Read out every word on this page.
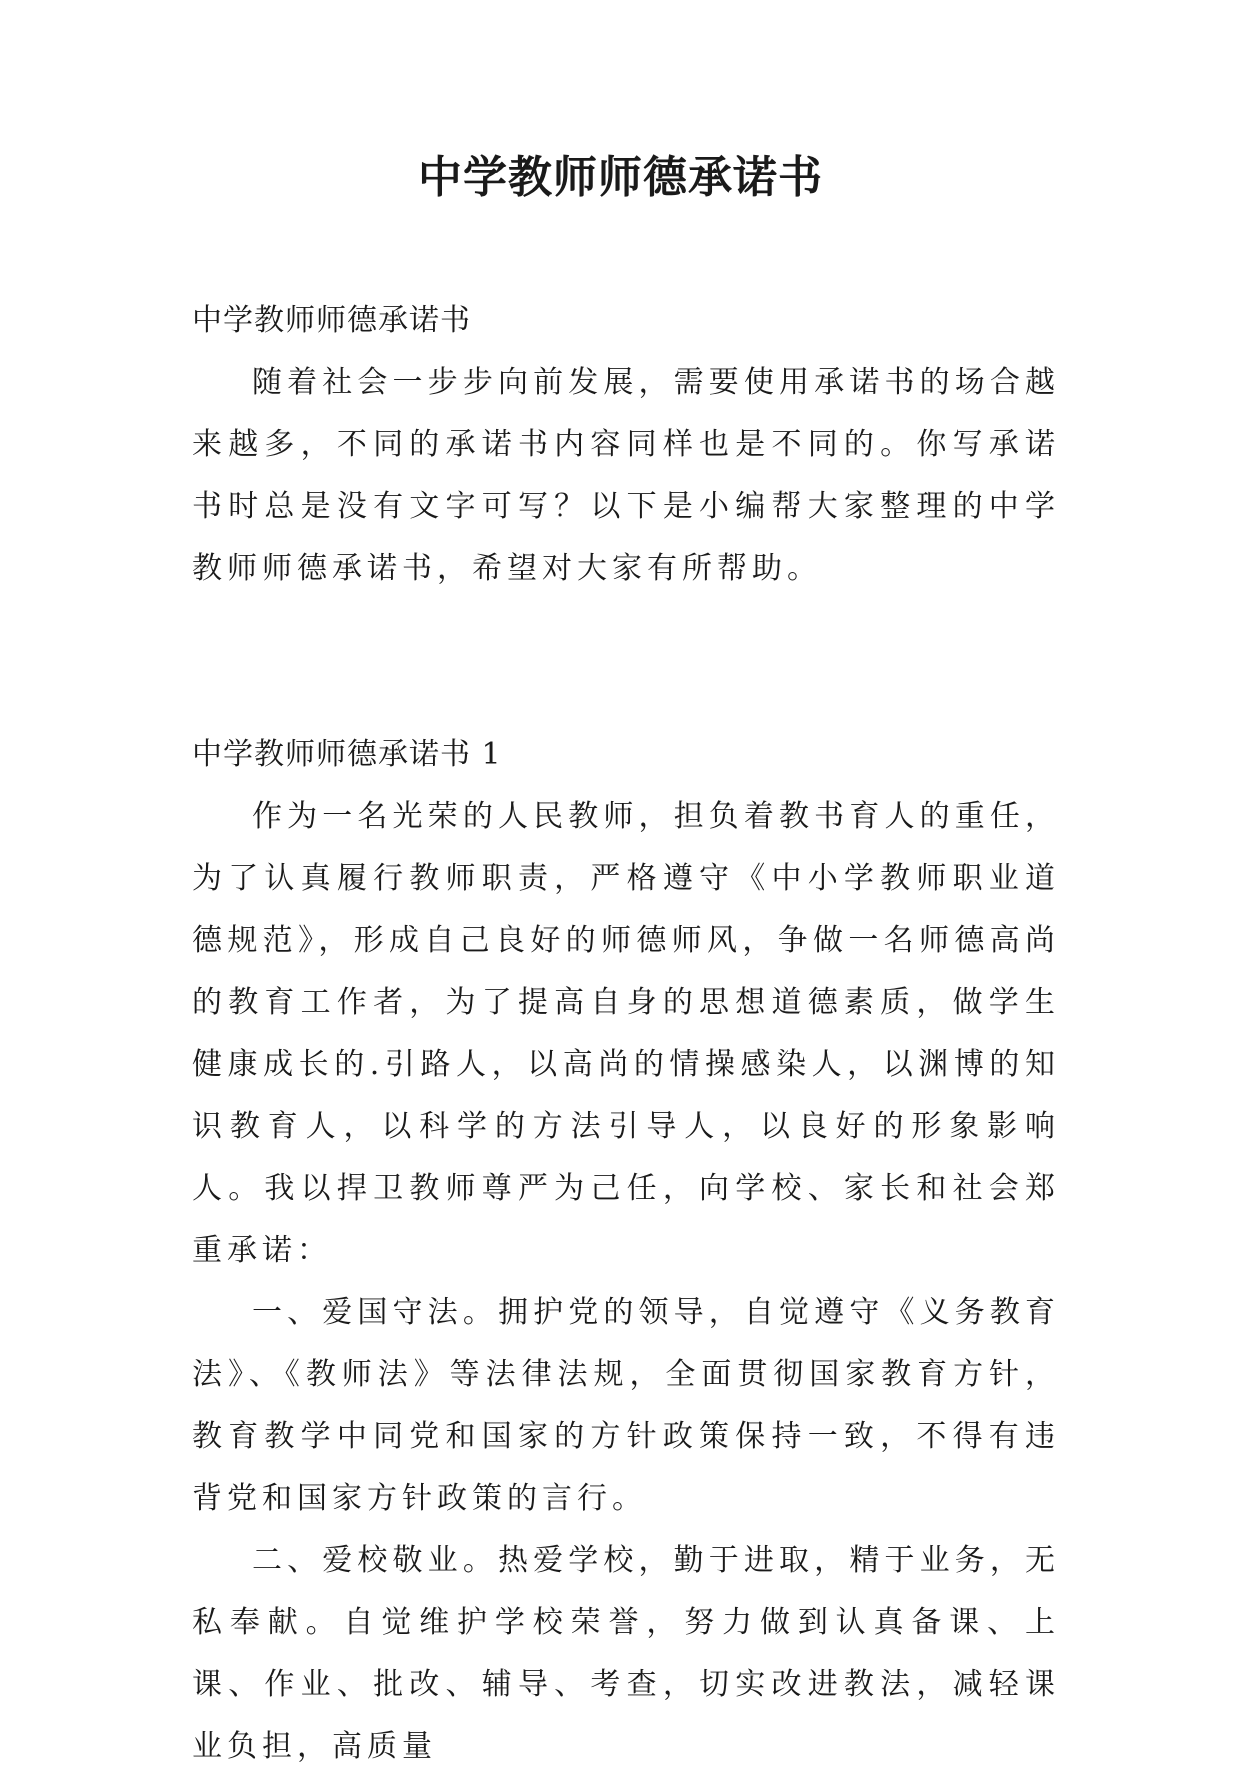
中学教师师德承诺书

中学教师师德承诺书

随着社会一步步向前发展，需要使用承诺书的场合越来越多，不同的承诺书内容同样也是不同的。你写承诺书时总是没有文字可写？以下是小编帮大家整理的中学教师师德承诺书，希望对大家有所帮助。

中学教师师德承诺书 1

作为一名光荣的人民教师，担负着教书育人的重任，为了认真履行教师职责，严格遵守《中小学教师职业道德规范》，形成自己良好的师德师风，争做一名师德高尚的教育工作者，为了提高自身的思想道德素质，做学生健康成长的.引路人，以高尚的情操感染人，以渊博的知识教育人，以科学的方法引导人，以良好的形象影响人。我以捍卫教师尊严为己任，向学校、家长和社会郑重承诺：

一、爱国守法。拥护党的领导，自觉遵守《义务教育法》、《教师法》等法律法规，全面贯彻国家教育方针，教育教学中同党和国家的方针政策保持一致，不得有违背党和国家方针政策的言行。

二、爱校敬业。热爱学校，勤于进取，精于业务，无私奉献。自觉维护学校荣誉，努力做到认真备课、上课、作业、批改、辅导、考查，切实改进教法，减轻课业负担，高质量
